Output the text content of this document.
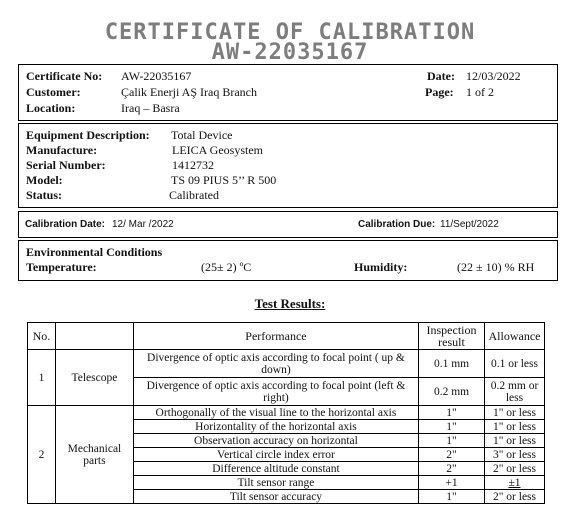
CERTIFICATE OF CALIBRATION
AW-22035167
Certificate No: AW-22035167
Customer:	Çalik Enerji AŞ Iraq Branch
Location:	Iraq – Basra
Date: 12/03/2022
Page: 1 of 2
Equipment Description: Total Device
Manufacture:	LEICA Geosystem
Serial Number:	1412732
Model:	TS 09 PIUS 5’’ R 500
Status:	Calibrated
Calibration Date: 12/ Mar /2022	Calibration Due: 11/Sept/2022
Environmental Conditions
Temperature:	(25± 2) ºC	Humidity:	(22 ± 10) % RH
Test Results:
No.		Performance	Inspection result	Allowance
1	Telescope	Divergence of optic axis according to focal point ( up & down)	0.1 mm	0.1 or less
		Divergence of optic axis according to focal point (left & right)	0.2 mm	0.2 mm or less
2	Mechanical parts	Orthogonally of the visual line to the horizontal axis	1"	1" or less
		Horizontality of the horizontal axis	1"	1" or less
		Observation accuracy on horizontal	1"	1" or less
		Vertical circle index error	2"	3" or less
		Difference altitude constant	2"	2" or less
		Tilt sensor range	+1	±1
		Tilt sensor accuracy	1"	2" or less
